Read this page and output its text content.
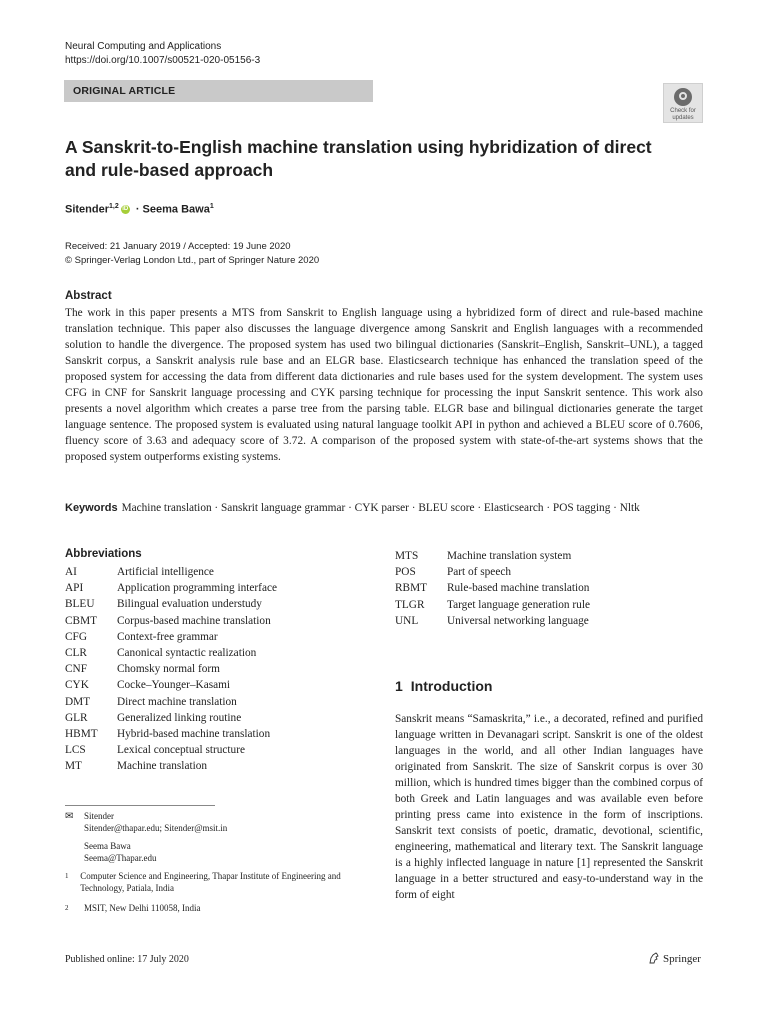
Neural Computing and Applications
https://doi.org/10.1007/s00521-020-05156-3
ORIGINAL ARTICLE
Check for
updates
A Sanskrit-to-English machine translation using hybridization of direct and rule-based approach
Sitender$^{1,2}$ iD · Seema Bawa$^1$
Received: 21 January 2019 / Accepted: 19 June 2020
© Springer-Verlag London Ltd., part of Springer Nature 2020
Abstract
The work in this paper presents a MTS from Sanskrit to English language using a hybridized form of direct and rule-based machine translation technique. This paper also discusses the language divergence among Sanskrit and English languages with a recommended solution to handle the divergence. The proposed system has used two bilingual dictionaries (Sanskrit–English, Sanskrit–UNL), a tagged Sanskrit corpus, a Sanskrit analysis rule base and an ELGR base. Elasticsearch technique has enhanced the translation speed of the proposed system for accessing the data from different data dictionaries and rule bases used for the system development. The system uses CFG in CNF for Sanskrit language processing and CYK parsing technique for processing the input Sanskrit sentence. This work also presents a novel algorithm which creates a parse tree from the parsing table. ELGR base and bilingual dictionaries generate the target language sentence. The proposed system is evaluated using natural language toolkit API in python and achieved a BLEU score of 0.7606, fluency score of 3.63 and adequacy score of 3.72. A comparison of the proposed system with state-of-the-art systems shows that the proposed system outperforms existing systems.
Keywords Machine translation · Sanskrit language grammar · CYK parser · BLEU score · Elasticsearch · POS tagging · Nltk
Abbreviations
AI	Artificial intelligence
API	Application programming interface
BLEU	Bilingual evaluation understudy
CBMT	Corpus-based machine translation
CFG	Context-free grammar
CLR	Canonical syntactic realization
CNF	Chomsky normal form
CYK	Cocke–Younger–Kasami
DMT	Direct machine translation
GLR	Generalized linking routine
HBMT	Hybrid-based machine translation
LCS	Lexical conceptual structure
MT	Machine translation
MTS	Machine translation system
POS	Part of speech
RBMT	Rule-based machine translation
TLGR	Target language generation rule
UNL	Universal networking language
✉	Sitender
Sitender@thapar.edu; Sitender@msit.in
Seema Bawa
Seema@Thapar.edu
1	Computer Science and Engineering, Thapar Institute of Engineering and Technology, Patiala, India
2	MSIT, New Delhi 110058, India
1 Introduction
Sanskrit means “Samaskrita,” i.e., a decorated, refined and purified language written in Devanagari script. Sanskrit is one of the oldest languages in the world, and all other Indian languages have originated from Sanskrit. The size of Sanskrit corpus is over 30 million, which is hundred times bigger than the combined corpus of both Greek and Latin languages and was available even before printing press came into existence in the form of inscriptions. Sanskrit text consists of poetic, dramatic, devotional, scientific, engineering, mathematical and literary text. The Sanskrit language is a highly inflected language in nature [1] represented the Sanskrit language in a better structured and easy-to-understand way in the form of eight
Published online: 17 July 2020	Springer
